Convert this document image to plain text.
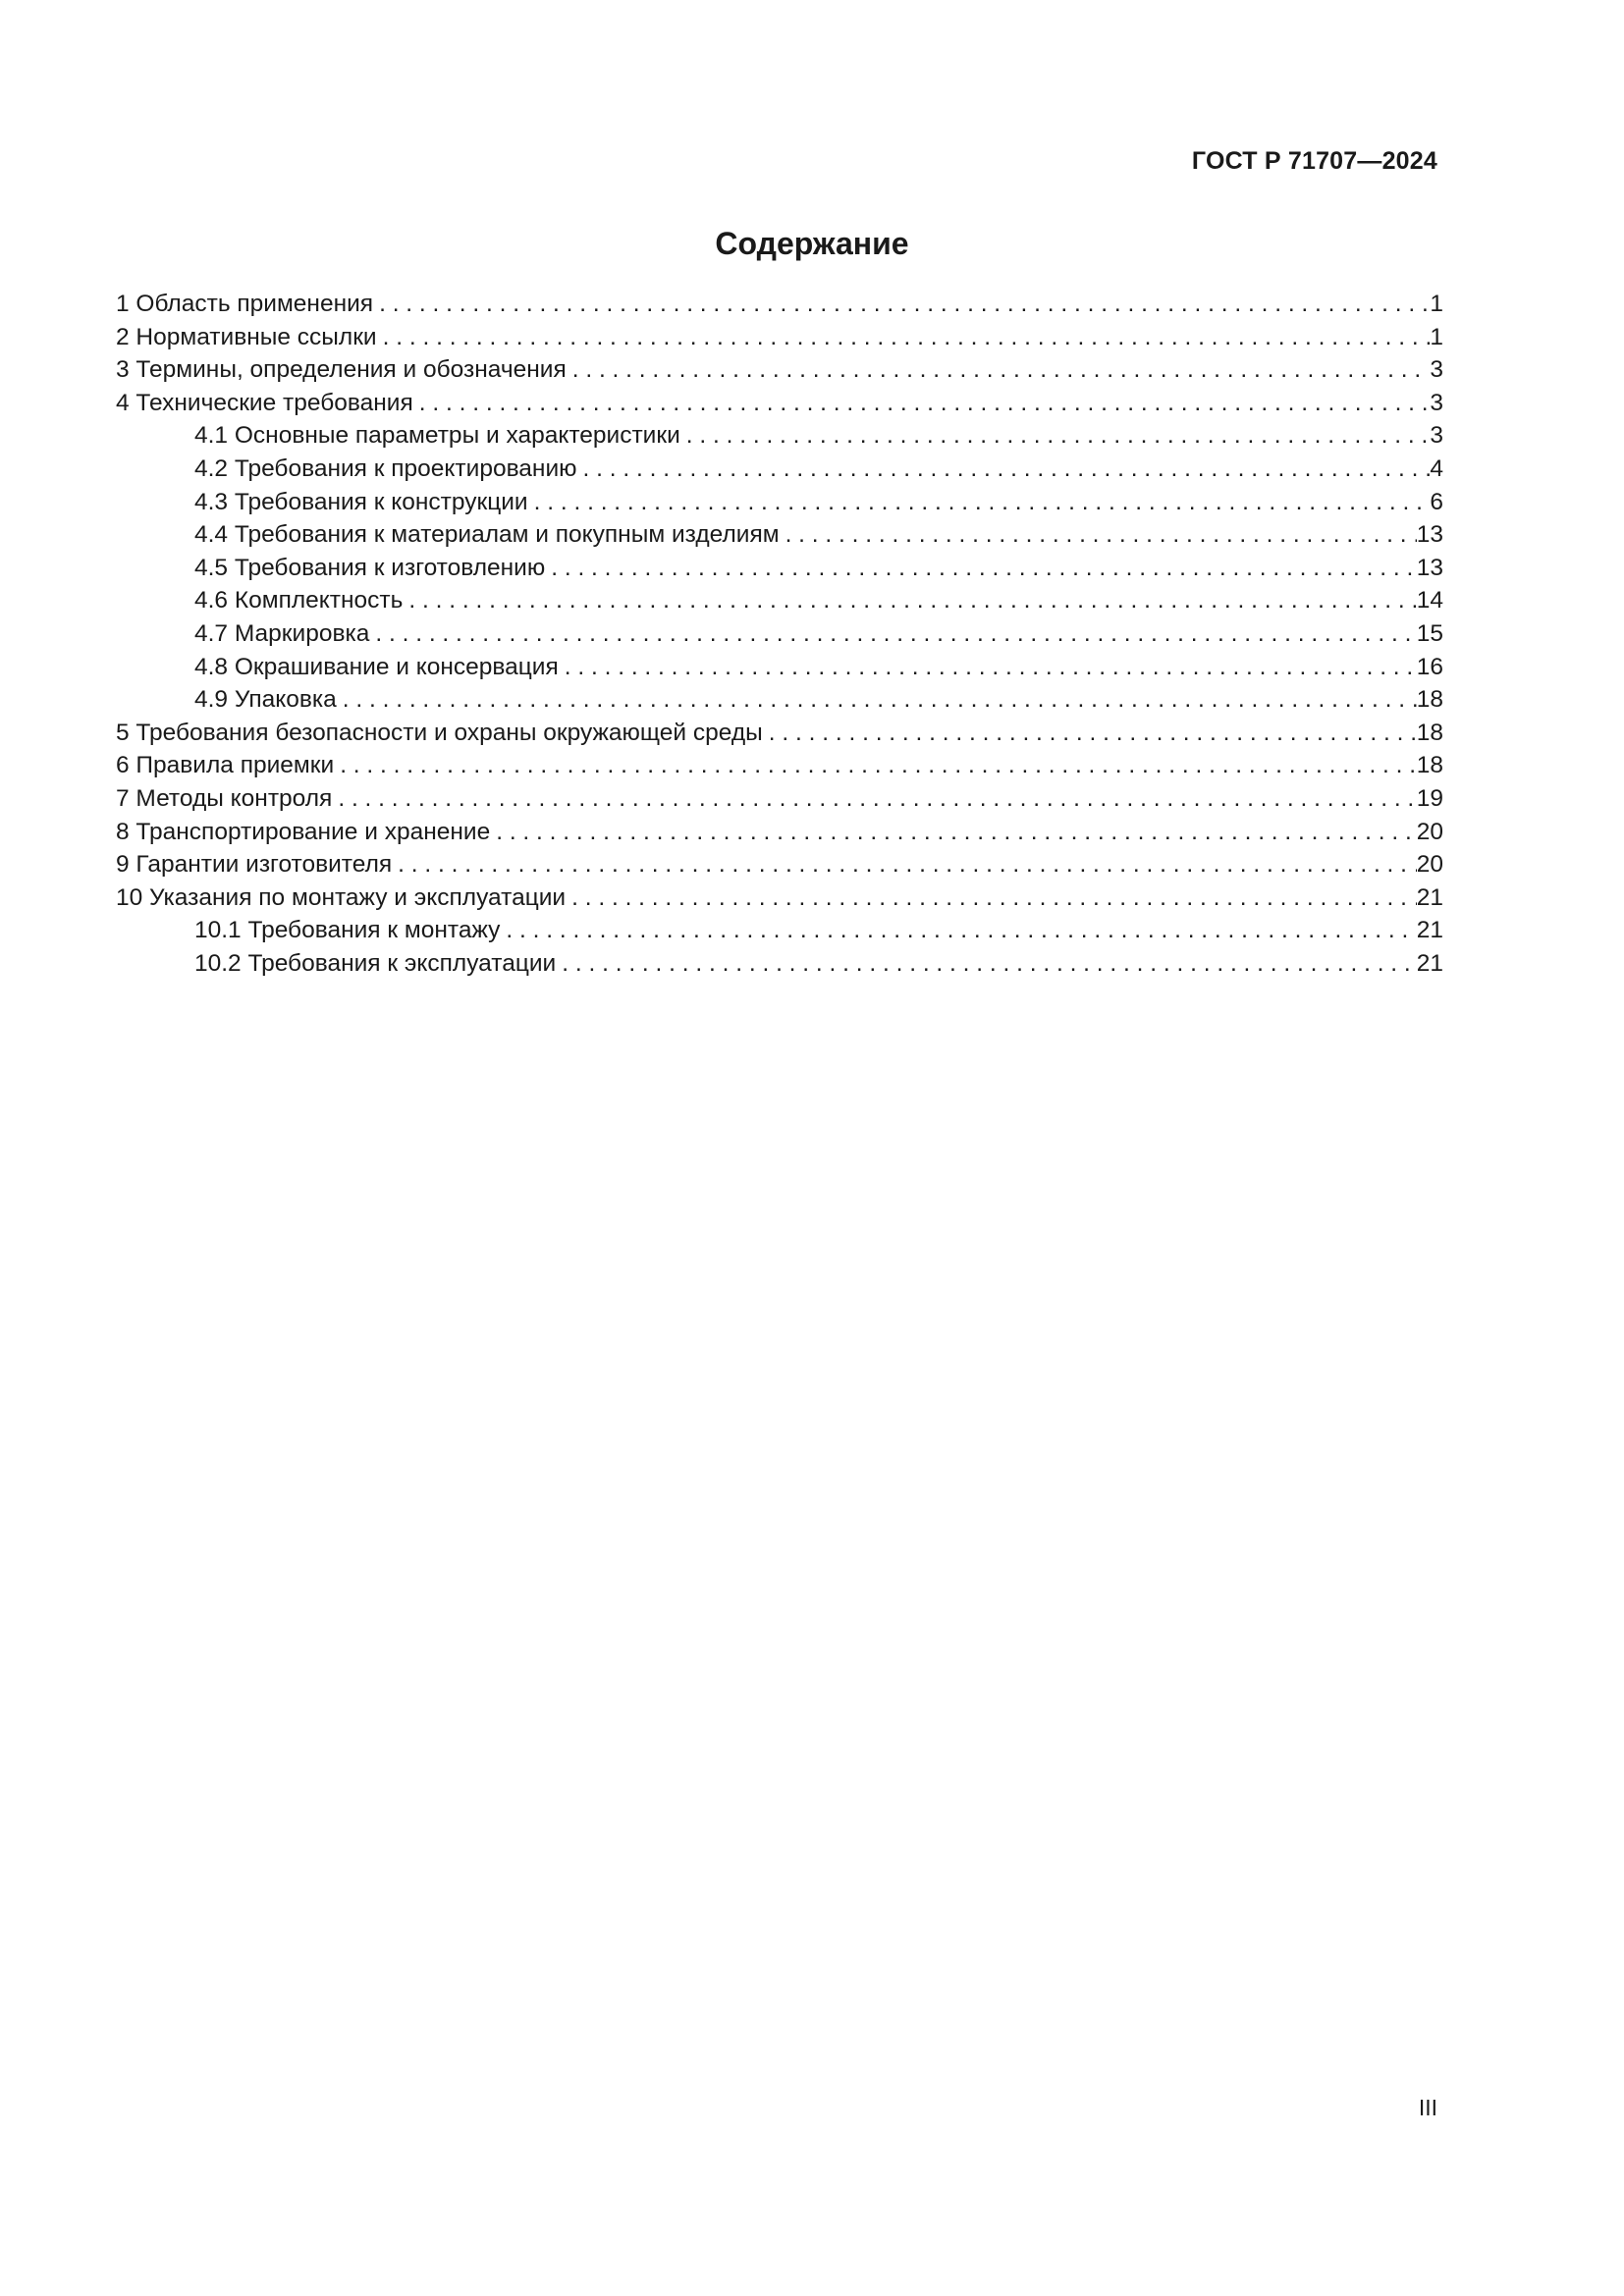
ГОСТ Р 71707—2024

Содержание
1 Область применения . . .	1
2 Нормативные ссылки . . .	1
3 Термины, определения и обозначения . . .	3
4 Технические требования . . .	3
4.1 Основные параметры и характеристики . . .	3
4.2 Требования к проектированию . . .	4
4.3 Требования к конструкции . . .	6
4.4 Требования к материалам и покупным изделиям . . .	13
4.5 Требования к изготовлению . . .	13
4.6 Комплектность . . .	14
4.7 Маркировка . . .	15
4.8 Окрашивание и консервация . . .	16
4.9 Упаковка . . .	18
5 Требования безопасности и охраны окружающей среды . . .	18
6 Правила приемки . . .	18
7 Методы контроля . . .	19
8 Транспортирование и хранение . . .	20
9 Гарантии изготовителя . . .	20
10 Указания по монтажу и эксплуатации . . .	21
10.1 Требования к монтажу . . .	21
10.2 Требования к эксплуатации . . .	21

III
